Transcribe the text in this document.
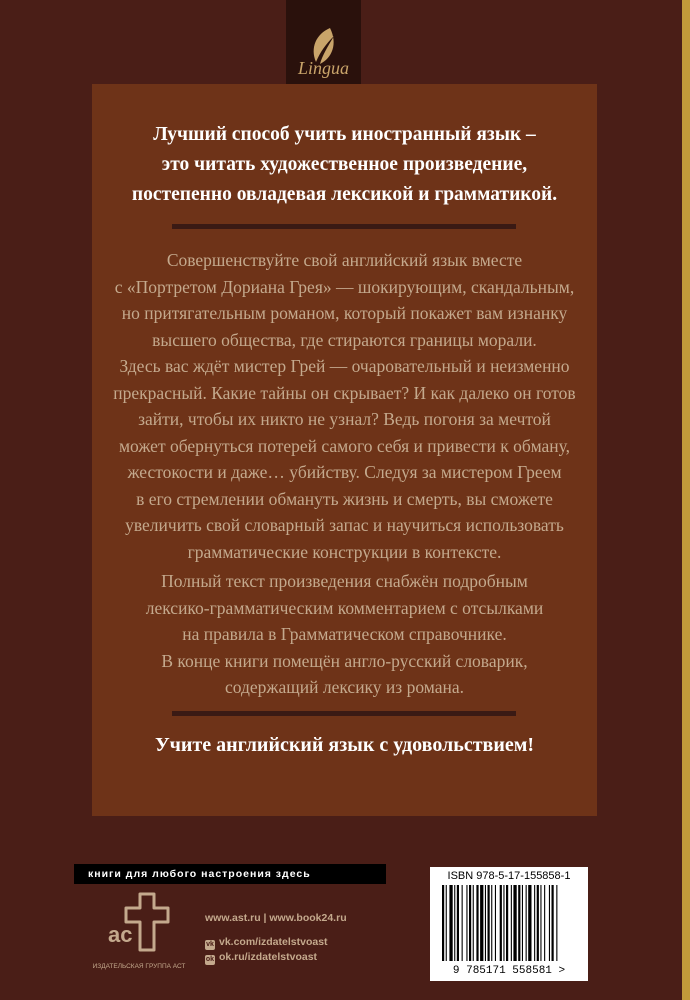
Lingua
Лучший способ учить иностранный язык –
это читать художественное произведение,
постепенно овладевая лексикой и грамматикой.
Совершенствуйте свой английский язык вместе
с «Портретом Дориана Грея» — шокирующим, скандальным,
но притягательным романом, который покажет вам изнанку
высшего общества, где стираются границы морали.
Здесь вас ждёт мистер Грей — очаровательный и неизменно
прекрасный. Какие тайны он скрывает? И как далеко он готов
зайти, чтобы их никто не узнал? Ведь погоня за мечтой
может обернуться потерей самого себя и привести к обману,
жестокости и даже… убийству. Следуя за мистером Греем
в его стремлении обмануть жизнь и смерть, вы сможете
увеличить свой словарный запас и научиться использовать
грамматические конструкции в контексте.
Полный текст произведения снабжён подробным
лексико-грамматическим комментарием с отсылками
на правила в Грамматическом справочнике.
В конце книги помещён англо-русский словарик,
содержащий лексику из романа.
Учите английский язык с удовольствием!
книги для любого настроения здесь
ac
ИЗДАТЕЛЬСКАЯ ГРУППА АСТ
www.ast.ru | www.book24.ru
vk vk.com/izdatelstvoast
ok ok.ru/izdatelstvoast
ISBN 978-5-17-155858-1
9 785171 558581 >
